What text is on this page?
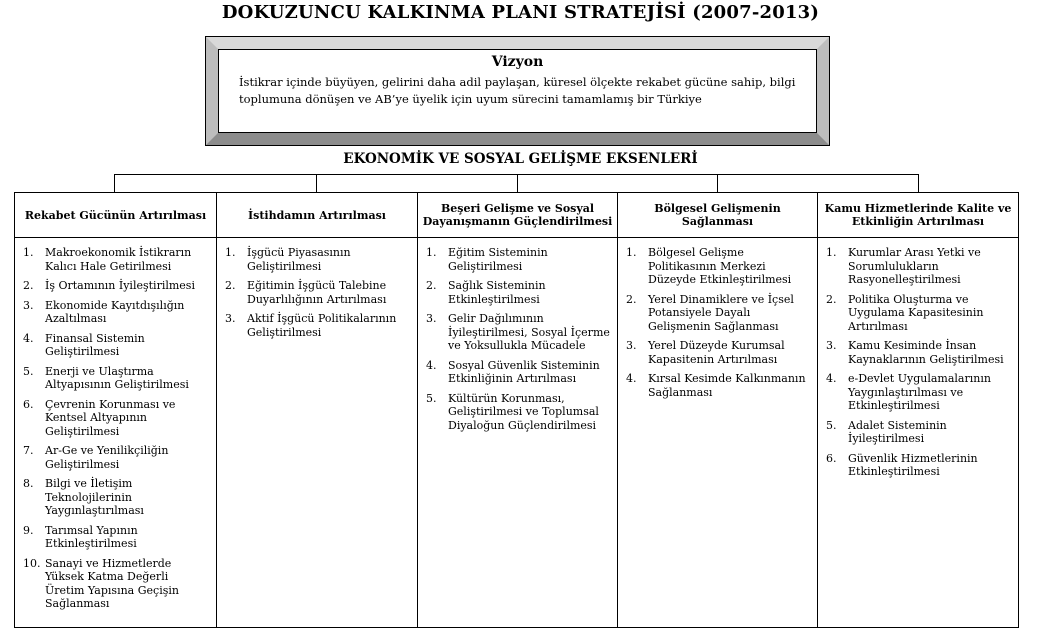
DOKUZUNCU KALKINMA PLANI STRATEJİSİ (2007-2013)
Vizyon
İstikrar içinde büyüyen, gelirini daha adil paylaşan, küresel ölçekte rekabet gücüne sahip, bilgi toplumuna dönüşen ve AB’ye üyelik için uyum sürecini tamamlamış bir Türkiye
EKONOMİK VE SOSYAL GELİŞME EKSENLERİ
Rekabet Gücünün Artırılması
1. Makroekonomik İstikrarın Kalıcı Hale Getirilmesi
2. İş Ortamının İyileştirilmesi
3. Ekonomide Kayıtdışılığın Azaltılması
4. Finansal Sistemin Geliştirilmesi
5. Enerji ve Ulaştırma Altyapısının Geliştirilmesi
6. Çevrenin Korunması ve Kentsel Altyapının Geliştirilmesi
7. Ar-Ge ve Yenilikçiliğin Geliştirilmesi
8. Bilgi ve İletişim Teknolojilerinin Yaygınlaştırılması
9. Tarımsal Yapının Etkinleştirilmesi
10. Sanayi ve Hizmetlerde Yüksek Katma Değerli Üretim Yapısına Geçişin Sağlanması
İstihdamın Artırılması
1. İşgücü Piyasasının Geliştirilmesi
2. Eğitimin İşgücü Talebine Duyarlılığının Artırılması
3. Aktif İşgücü Politikalarının Geliştirilmesi
Beşeri Gelişme ve Sosyal Dayanışmanın Güçlendirilmesi
1. Eğitim Sisteminin Geliştirilmesi
2. Sağlık Sisteminin Etkinleştirilmesi
3. Gelir Dağılımının İyileştirilmesi, Sosyal İçerme ve Yoksullukla Mücadele
4. Sosyal Güvenlik Sisteminin Etkinliğinin Artırılması
5. Kültürün Korunması, Geliştirilmesi ve Toplumsal Diyaloğun Güçlendirilmesi
Bölgesel Gelişmenin Sağlanması
1. Bölgesel Gelişme Politikasının Merkezi Düzeyde Etkinleştirilmesi
2. Yerel Dinamiklere ve İçsel Potansiyele Dayalı Gelişmenin Sağlanması
3. Yerel Düzeyde Kurumsal Kapasitenin Artırılması
4. Kırsal Kesimde Kalkınmanın Sağlanması
Kamu Hizmetlerinde Kalite ve Etkinliğin Artırılması
1. Kurumlar Arası Yetki ve Sorumlulukların Rasyonelleştirilmesi
2. Politika Oluşturma ve Uygulama Kapasitesinin Artırılması
3. Kamu Kesiminde İnsan Kaynaklarının Geliştirilmesi
4. e-Devlet Uygulamalarının Yaygınlaştırılması ve Etkinleştirilmesi
5. Adalet Sisteminin İyileştirilmesi
6. Güvenlik Hizmetlerinin Etkinleştirilmesi
